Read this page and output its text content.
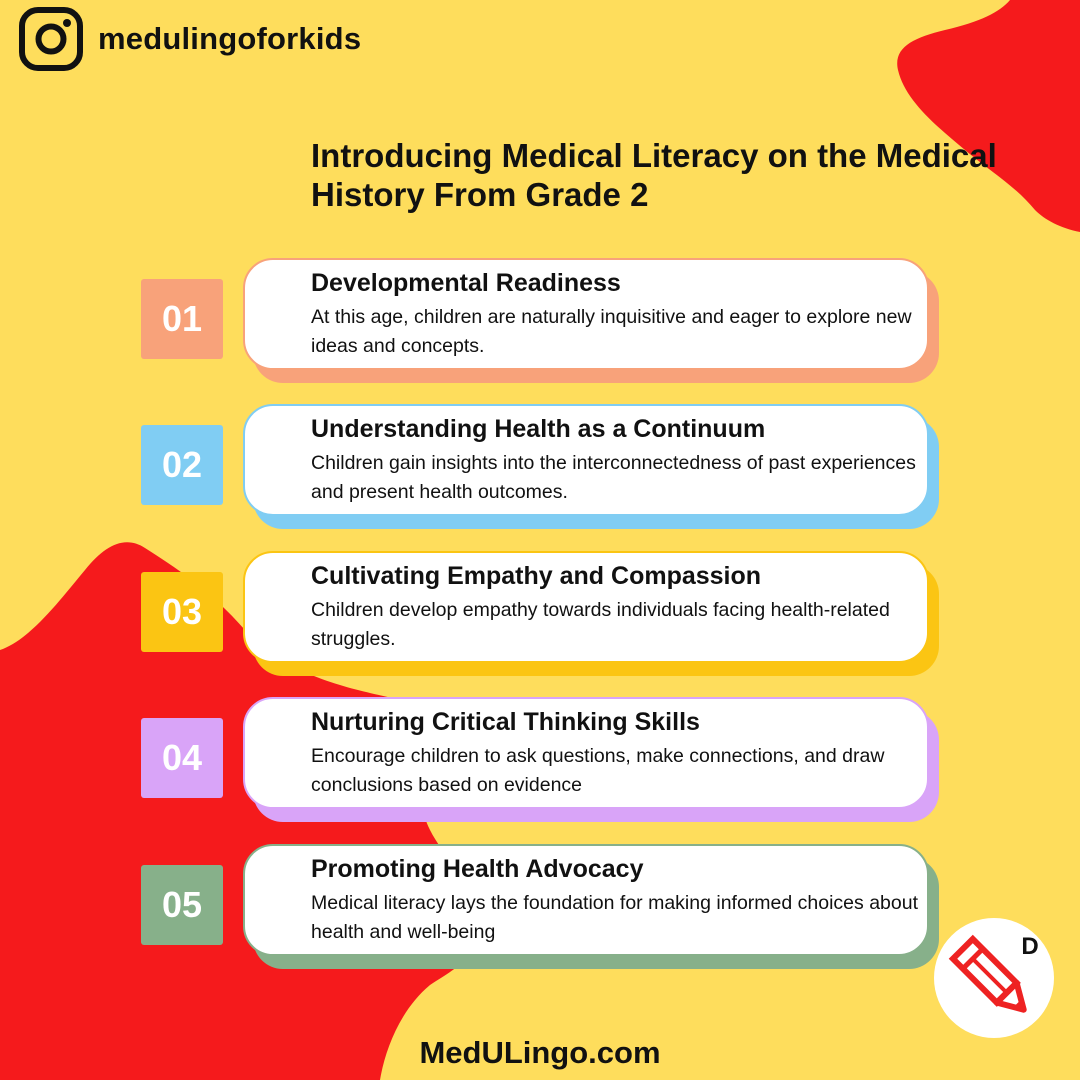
medulingoforkids
Introducing Medical Literacy on the Medical History From Grade 2
01
Developmental Readiness
At this age, children are naturally inquisitive and eager to explore new ideas and concepts.
02
Understanding Health as a Continuum
Children gain insights into the interconnectedness of past experiences and present health outcomes.
03
Cultivating Empathy and Compassion
Children develop empathy towards individuals facing health-related struggles.
04
Nurturing Critical Thinking Skills
Encourage children to ask questions, make connections, and draw conclusions based on evidence
05
Promoting Health Advocacy
Medical literacy lays the foundation for making informed choices about health and well-being
MedULingo.com
D
